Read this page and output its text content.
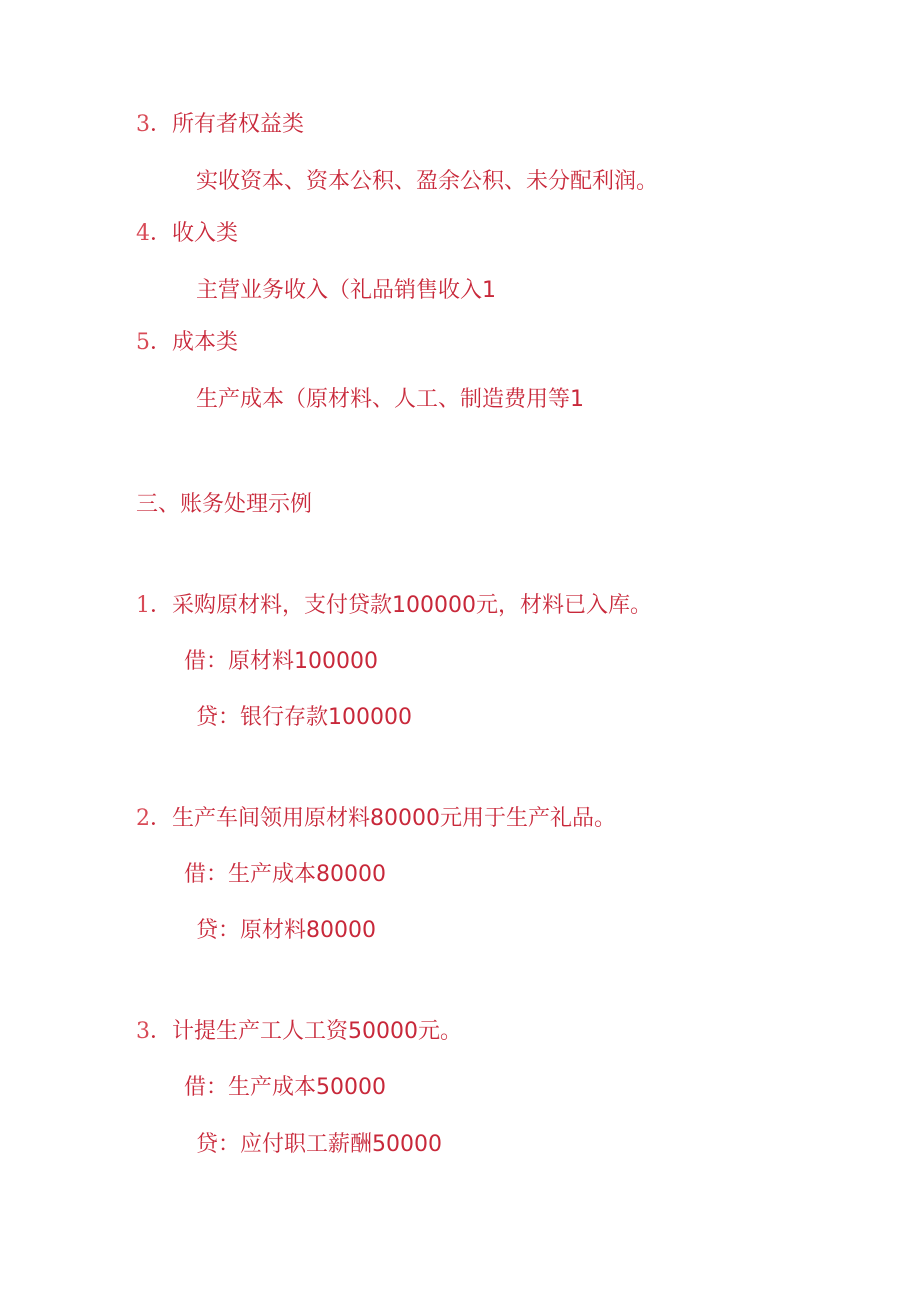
3．所有者权益类
实收资本、资本公积、盈余公积、未分配利润。
4．收入类
主营业务收入（礼品销售收入1
5．成本类
生产成本（原材料、人工、制造费用等1
三、账务处理示例
1．采购原材料，支付贷款100000元，材料已入库。
借：原材料100000
贷：银行存款100000
2．生产车间领用原材料80000元用于生产礼品。
借：生产成本80000
贷：原材料80000
3．计提生产工人工资50000元。
借：生产成本50000
贷：应付职工薪酬50000
